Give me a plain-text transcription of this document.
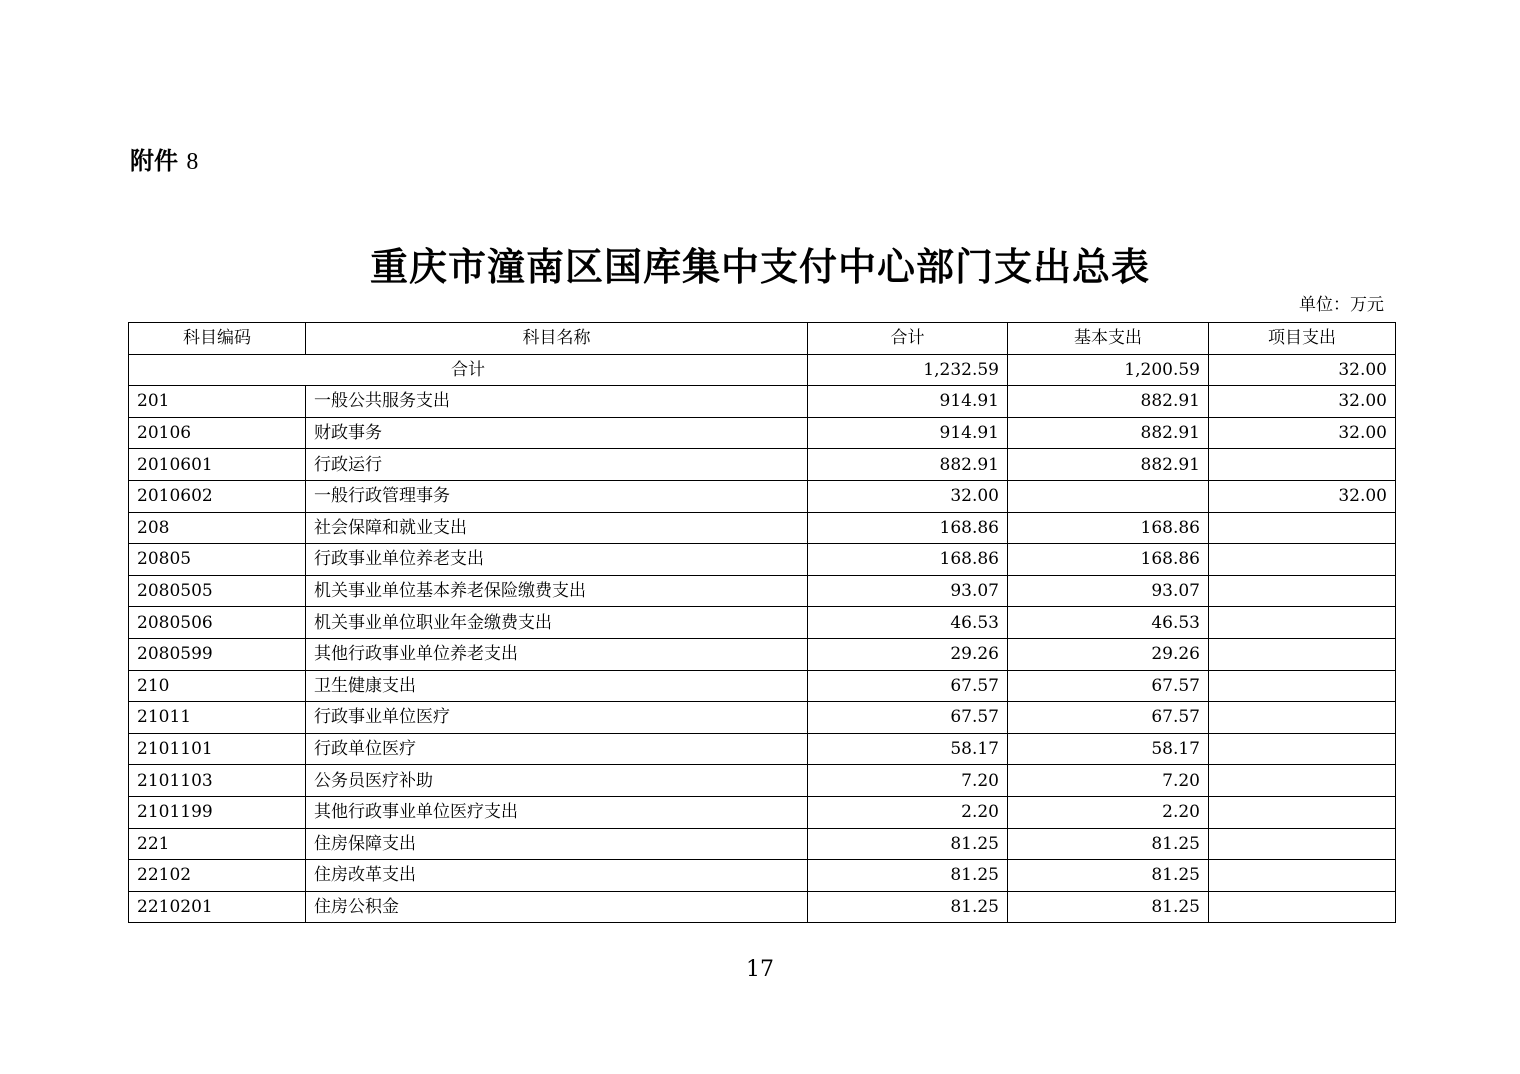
附件 8
重庆市潼南区国库集中支付中心部门支出总表
单位：万元
科目编码	科目名称	合计	基本支出	项目支出
合计		1,232.59	1,200.59	32.00
201	一般公共服务支出	914.91	882.91	32.00
20106	财政事务	914.91	882.91	32.00
2010601	行政运行	882.91	882.91	
2010602	一般行政管理事务	32.00		32.00
208	社会保障和就业支出	168.86	168.86	
20805	行政事业单位养老支出	168.86	168.86	
2080505	机关事业单位基本养老保险缴费支出	93.07	93.07	
2080506	机关事业单位职业年金缴费支出	46.53	46.53	
2080599	其他行政事业单位养老支出	29.26	29.26	
210	卫生健康支出	67.57	67.57	
21011	行政事业单位医疗	67.57	67.57	
2101101	行政单位医疗	58.17	58.17	
2101103	公务员医疗补助	7.20	7.20	
2101199	其他行政事业单位医疗支出	2.20	2.20	
221	住房保障支出	81.25	81.25	
22102	住房改革支出	81.25	81.25	
2210201	住房公积金	81.25	81.25	
17
